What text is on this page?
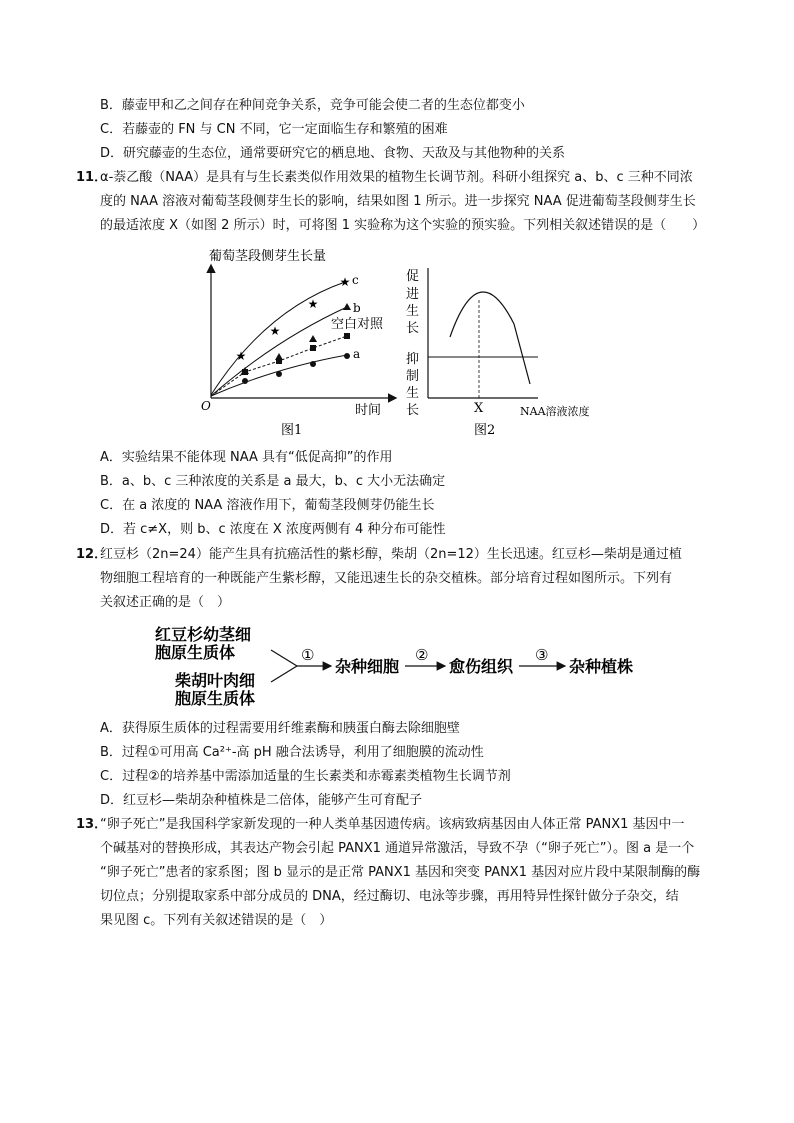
B．藤壶甲和乙之间存在种间竞争关系，竞争可能会使二者的生态位都变小
C．若藤壶的 FN 与 CN 不同，它一定面临生存和繁殖的困难
D．研究藤壶的生态位，通常要研究它的栖息地、食物、天敌及与其他物种的关系
11．
α-萘乙酸（NAA）是具有与生长素类似作用效果的植物生长调节剂。科研小组探究 a、b、c 三种不同浓
度的 NAA 溶液对葡萄茎段侧芽生长的影响，结果如图 1 所示。进一步探究 NAA 促进葡萄茎段侧芽生长
的最适浓度 X（如图 2 所示）时，可将图 1 实验称为这个实验的预实验。下列相关叙述错误的是（　　）
葡萄茎段侧芽生长量
O	时间
图1
★
★
★
★ c
b
空白对照
a
促
进
生
长
抑
制
生
长	X	NAA溶液浓度
图2
A．实验结果不能体现 NAA 具有“低促高抑”的作用
B．a、b、c 三种浓度的关系是 a 最大，b、c 大小无法确定
C．在 a 浓度的 NAA 溶液作用下，葡萄茎段侧芽仍能生长
D．若 c≠X，则 b、c 浓度在 X 浓度两侧有 4 种分布可能性
12．
红豆杉（2n=24）能产生具有抗癌活性的紫杉醇，柴胡（2n=12）生长迅速。红豆杉—柴胡是通过植
物细胞工程培育的一种既能产生紫杉醇，又能迅速生长的杂交植株。部分培育过程如图所示。下列有
关叙述正确的是（　）
红豆杉幼茎细
胞原生质体
柴胡叶肉细
胞原生质体
①
杂种细胞
②
愈伤组织
③
杂种植株
A．获得原生质体的过程需要用纤维素酶和胰蛋白酶去除细胞壁
B．过程①可用高 Ca²⁺-高 pH 融合法诱导，利用了细胞膜的流动性
C．过程②的培养基中需添加适量的生长素类和赤霉素类植物生长调节剂
D．红豆杉—柴胡杂种植株是二倍体，能够产生可育配子
13．
“卵子死亡”是我国科学家新发现的一种人类单基因遗传病。该病致病基因由人体正常 PANX1 基因中一
个碱基对的替换形成，其表达产物会引起 PANX1 通道异常激活，导致不孕（“卵子死亡”）。图 a 是一个
“卵子死亡”患者的家系图；图 b 显示的是正常 PANX1 基因和突变 PANX1 基因对应片段中某限制酶的酶
切位点；分别提取家系中部分成员的 DNA，经过酶切、电泳等步骤，再用特异性探针做分子杂交，结
果见图 c。下列有关叙述错误的是（　）
